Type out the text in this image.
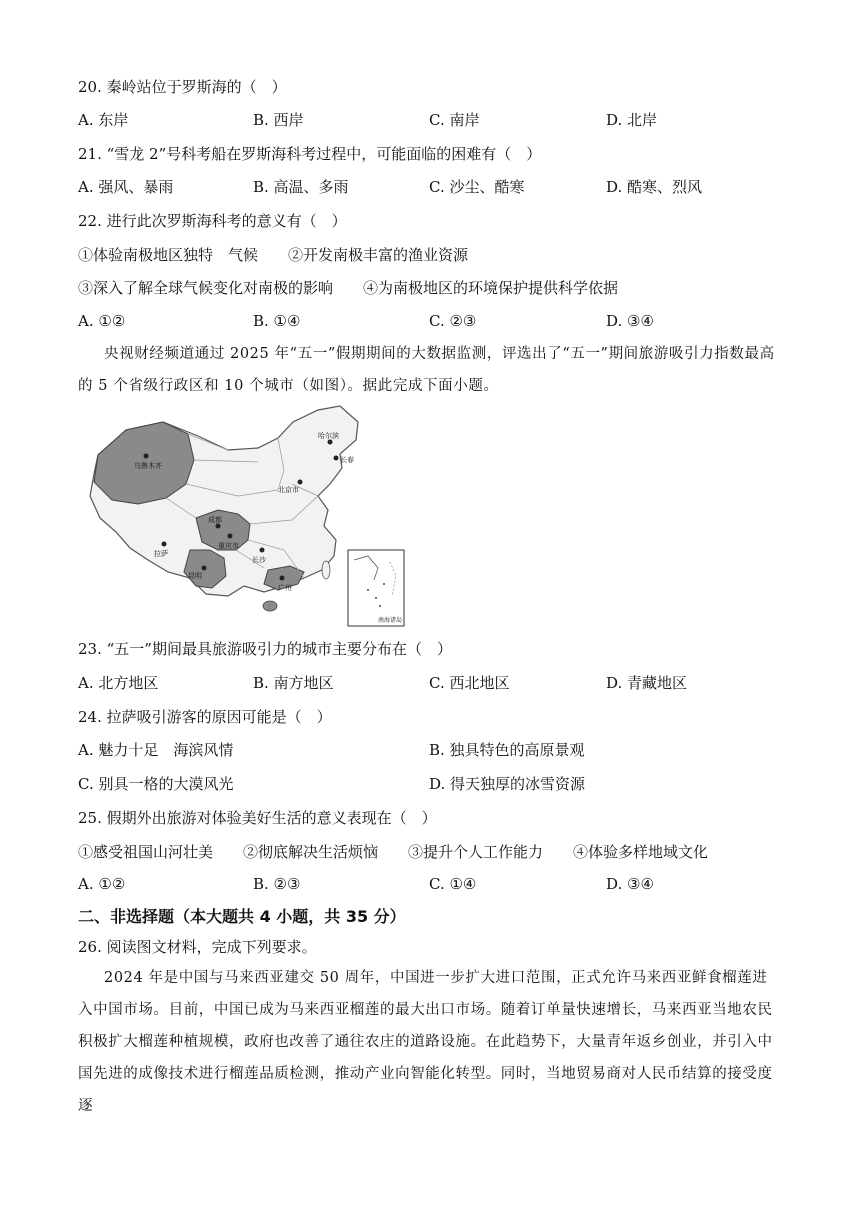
20. 秦岭站位于罗斯海的（　）
A. 东岸	B. 西岸	C. 南岸	D. 北岸
21. “雪龙 2”号科考船在罗斯海科考过程中，可能面临的困难有（　）
A. 强风、暴雨	B. 高温、多雨	C. 沙尘、酷寒	D. 酷寒、烈风
22. 进行此次罗斯海科考的意义有（　）
①体验南极地区独特　气候　　②开发南极丰富的渔业资源
③深入了解全球气候变化对南极的影响　　④为南极地区的环境保护提供科学依据
A. ①②	B. ①④	C. ②③	D. ③④
央视财经频道通过 2025 年“五一”假期期间的大数据监测，评选出了“五一”期间旅游吸引力指数最高的 5 个省级行政区和 10 个城市（如图）。据此完成下面小题。
哈尔滨
长春
乌鲁木齐
北京市
拉萨
成都
重庆市
昆明
长沙
广州
南海诸岛
23. “五一”期间最具旅游吸引力的城市主要分布在（　）
A. 北方地区	B. 南方地区	C. 西北地区	D. 青藏地区
24. 拉萨吸引游客的原因可能是（　）
A. 魅力十足　海滨风情	B. 独具特色的高原景观
C. 别具一格的大漠风光	D. 得天独厚的冰雪资源
25. 假期外出旅游对体验美好生活的意义表现在（　）
①感受祖国山河壮美　　②彻底解决生活烦恼　　③提升个人工作能力　　④体验多样地域文化
A. ①②	B. ②③	C. ①④	D. ③④
二、非选择题（本大题共 4 小题，共 35 分）
26. 阅读图文材料，完成下列要求。
2024 年是中国与马来西亚建交 50 周年，中国进一步扩大进口范围，正式允许马来西亚鲜食榴莲进入中国市场。目前，中国已成为马来西亚榴莲的最大出口市场。随着订单量快速增长，马来西亚当地农民积极扩大榴莲种植规模，政府也改善了通往农庄的道路设施。在此趋势下，大量青年返乡创业，并引入中国先进的成像技术进行榴莲品质检测，推动产业向智能化转型。同时，当地贸易商对人民币结算的接受度逐
